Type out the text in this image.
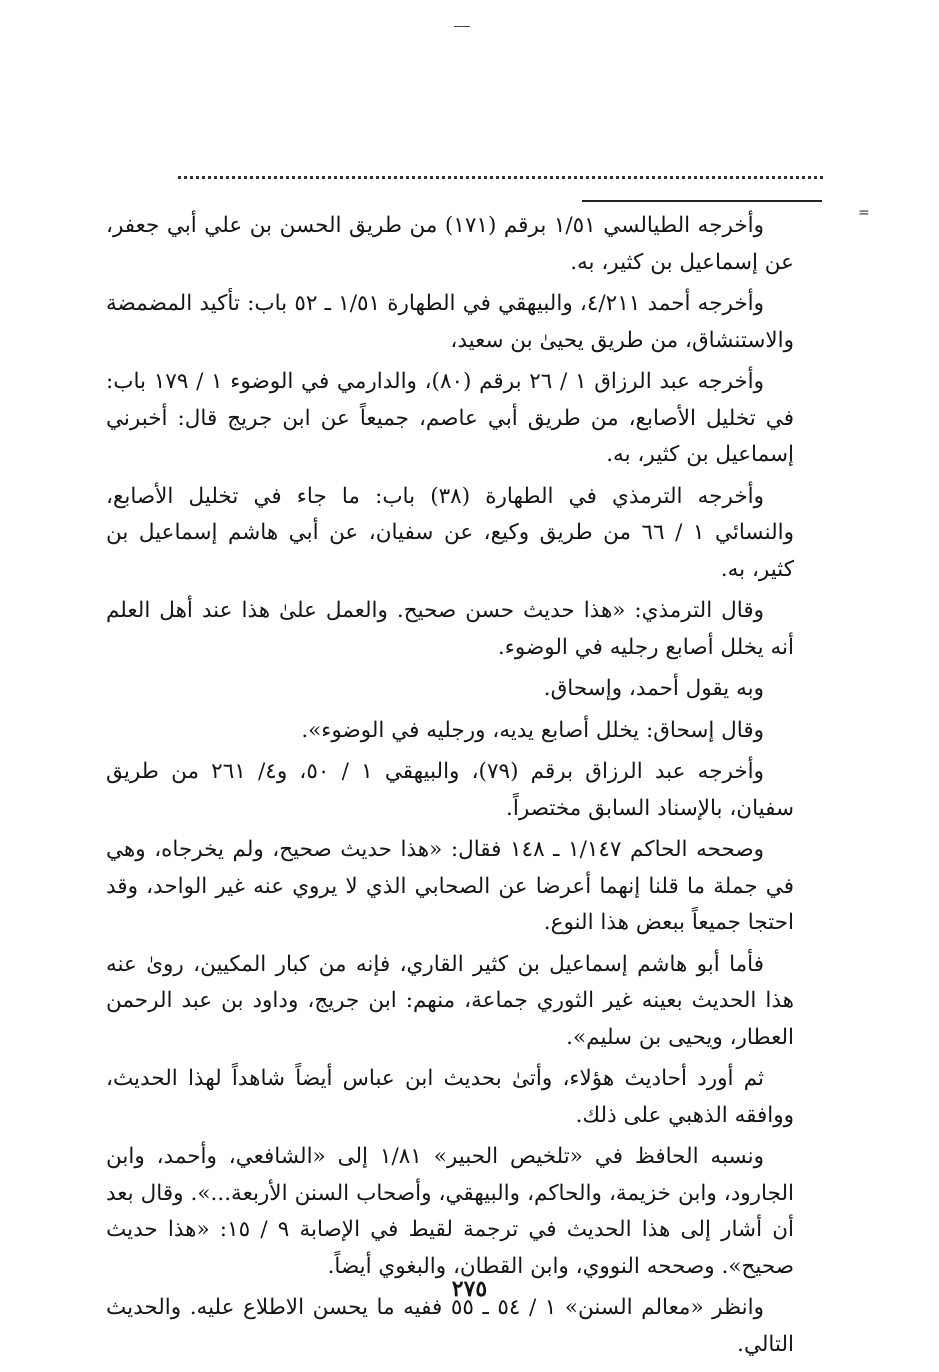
=

وأخرجه الطيالسي ١/٥١ برقم (١٧١) من طريق الحسن بن علي أبي جعفر، عن إسماعيل بن كثير، به.

وأخرجه أحمد ٤/٢١١، والبيهقي في الطهارة ١/٥١ ـ ٥٢ باب: تأكيد المضمضة والاستنشاق، من طريق يحيىٰ بن سعيد،

وأخرجه عبد الرزاق ١ / ٢٦ برقم (٨٠)، والدارمي في الوضوء ١ / ١٧٩ باب: في تخليل الأصابع، من طريق أبي عاصم، جميعاً عن ابن جريج قال: أخبرني إسماعيل بن كثير، به.

وأخرجه الترمذي في الطهارة (٣٨) باب: ما جاء في تخليل الأصابع، والنسائي ١ / ٦٦ من طريق وكيع، عن سفيان، عن أبي هاشم إسماعيل بن كثير، به.

وقال الترمذي: «هذا حديث حسن صحيح. والعمل علىٰ هذا عند أهل العلم أنه يخلل أصابع رجليه في الوضوء.

وبه يقول أحمد، وإسحاق.

وقال إسحاق: يخلل أصابع يديه، ورجليه في الوضوء».

وأخرجه عبد الرزاق برقم (٧٩)، والبيهقي ١ / ٥٠، و٤/ ٢٦١ من طريق سفيان، بالإسناد السابق مختصراً.

وصححه الحاكم ١/١٤٧ ـ ١٤٨ فقال: «هذا حديث صحيح، ولم يخرجاه، وهي في جملة ما قلنا إنهما أعرضا عن الصحابي الذي لا يروي عنه غير الواحد، وقد احتجا جميعاً ببعض هذا النوع.

فأما أبو هاشم إسماعيل بن كثير القاري، فإنه من كبار المكيين، روىٰ عنه هذا الحديث بعينه غير الثوري جماعة، منهم: ابن جريج، وداود بن عبد الرحمن العطار، ويحيى بن سليم».

ثم أورد أحاديث هؤلاء، وأتىٰ بحديث ابن عباس أيضاً شاهداً لهذا الحديث، ووافقه الذهبي على ذلك.

ونسبه الحافظ في «تلخيص الحبير» ١/٨١ إلى «الشافعي، وأحمد، وابن الجارود، وابن خزيمة، والحاكم، والبيهقي، وأصحاب السنن الأربعة...». وقال بعد أن أشار إلى هذا الحديث في ترجمة لقيط في الإصابة ٩ / ١٥: «هذا حديث صحيح». وصححه النووي، وابن القطان، والبغوي أيضاً.

وانظر «معالم السنن» ١ / ٥٤ ـ ٥٥ ففيه ما يحسن الاطلاع عليه. والحديث التالي.

٢٧٥
